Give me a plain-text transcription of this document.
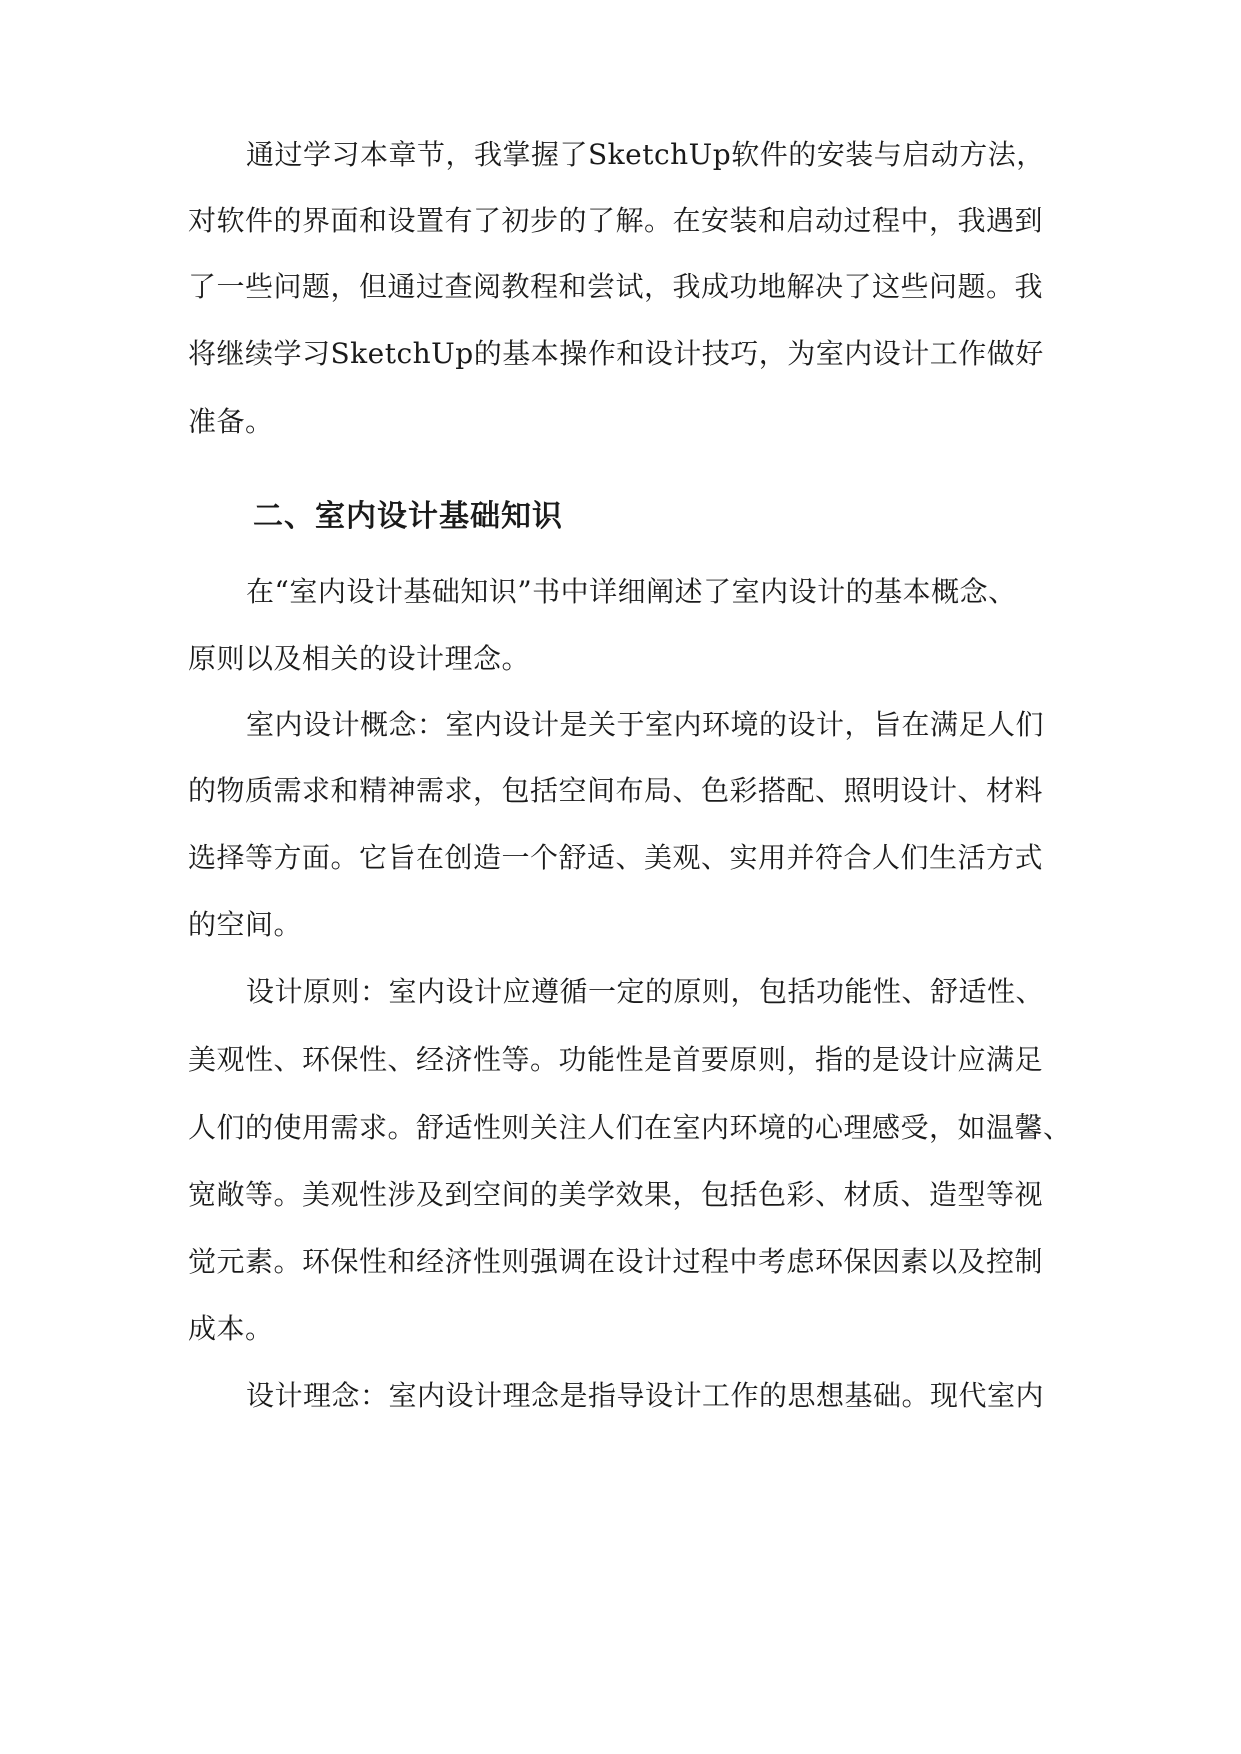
通过学习本章节，我掌握了SketchUp软件的安装与启动方法，
对软件的界面和设置有了初步的了解。在安装和启动过程中，我遇到
了一些问题，但通过查阅教程和尝试，我成功地解决了这些问题。我
将继续学习SketchUp的基本操作和设计技巧，为室内设计工作做好
准备。
二、室内设计基础知识
在“室内设计基础知识”书中详细阐述了室内设计的基本概念、
原则以及相关的设计理念。
室内设计概念：室内设计是关于室内环境的设计，旨在满足人们
的物质需求和精神需求，包括空间布局、色彩搭配、照明设计、材料
选择等方面。它旨在创造一个舒适、美观、实用并符合人们生活方式
的空间。
设计原则：室内设计应遵循一定的原则，包括功能性、舒适性、
美观性、环保性、经济性等。功能性是首要原则，指的是设计应满足
人们的使用需求。舒适性则关注人们在室内环境的心理感受，如温馨、
宽敞等。美观性涉及到空间的美学效果，包括色彩、材质、造型等视
觉元素。环保性和经济性则强调在设计过程中考虑环保因素以及控制
成本。
设计理念：室内设计理念是指导设计工作的思想基础。现代室内
